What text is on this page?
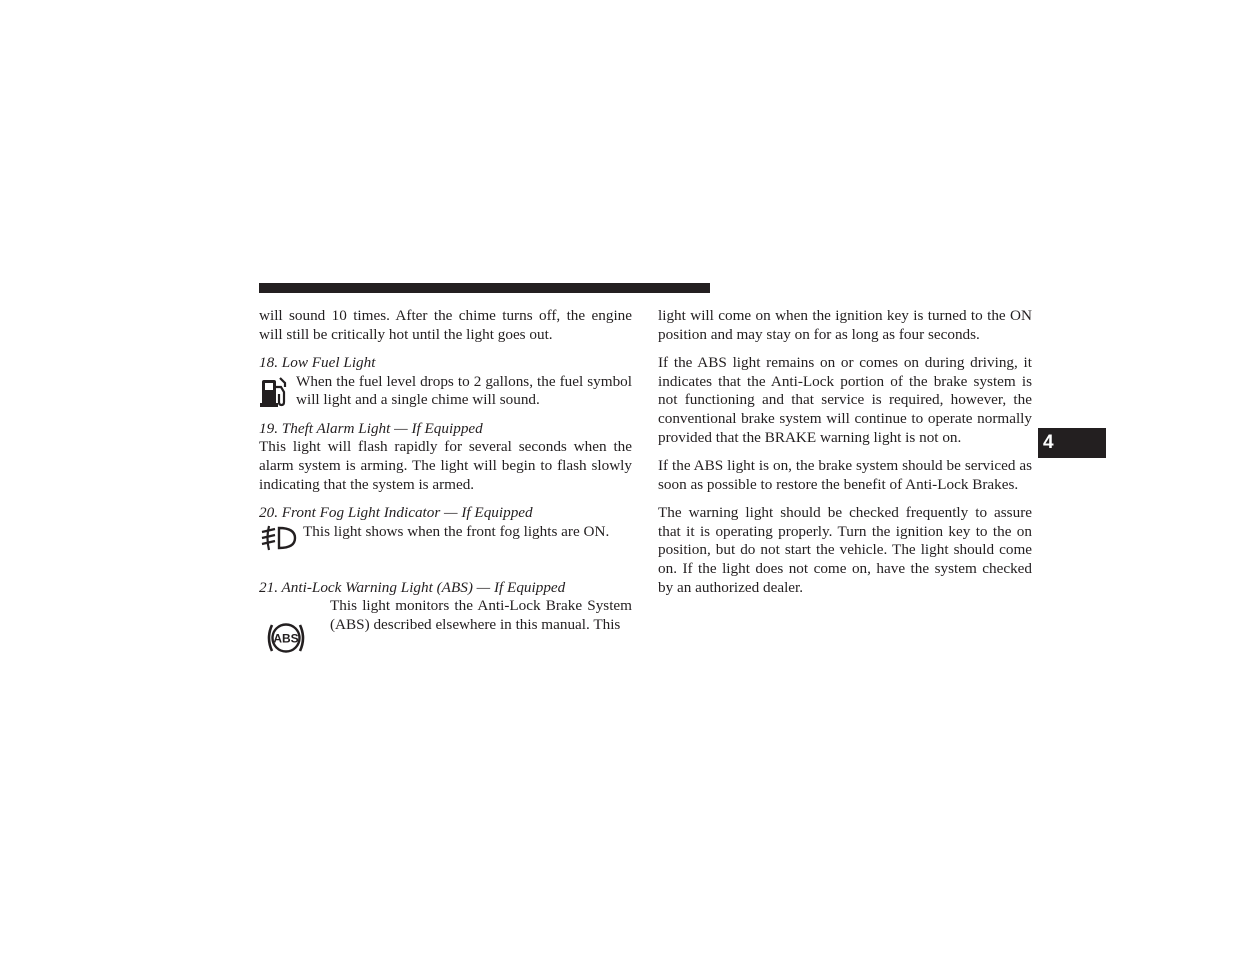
will sound 10 times. After the chime turns off, the engine will still be critically hot until the light goes out.

18. Low Fuel Light
When the fuel level drops to 2 gallons, the fuel symbol will light and a single chime will sound.
19. Theft Alarm Light — If Equipped

This light will flash rapidly for several seconds when the alarm system is arming. The light will begin to flash slowly indicating that the system is armed.

20. Front Fog Light Indicator — If Equipped
This light shows when the front fog lights are ON.
21. Anti-Lock Warning Light (ABS) — If Equipped
ABS
This light monitors the Anti-Lock Brake System (ABS) described elsewhere in this manual. This

light will come on when the ignition key is turned to the ON position and may stay on for as long as four seconds.

If the ABS light remains on or comes on during driving, it indicates that the Anti-Lock portion of the brake system is not functioning and that service is required, however, the conventional brake system will continue to operate normally provided that the BRAKE warning light is not on.

If the ABS light is on, the brake system should be serviced as soon as possible to restore the benefit of Anti-Lock Brakes.

The warning light should be checked frequently to assure that it is operating properly. Turn the ignition key to the on position, but do not start the vehicle. The light should come on. If the light does not come on, have the system checked by an authorized dealer.

4
